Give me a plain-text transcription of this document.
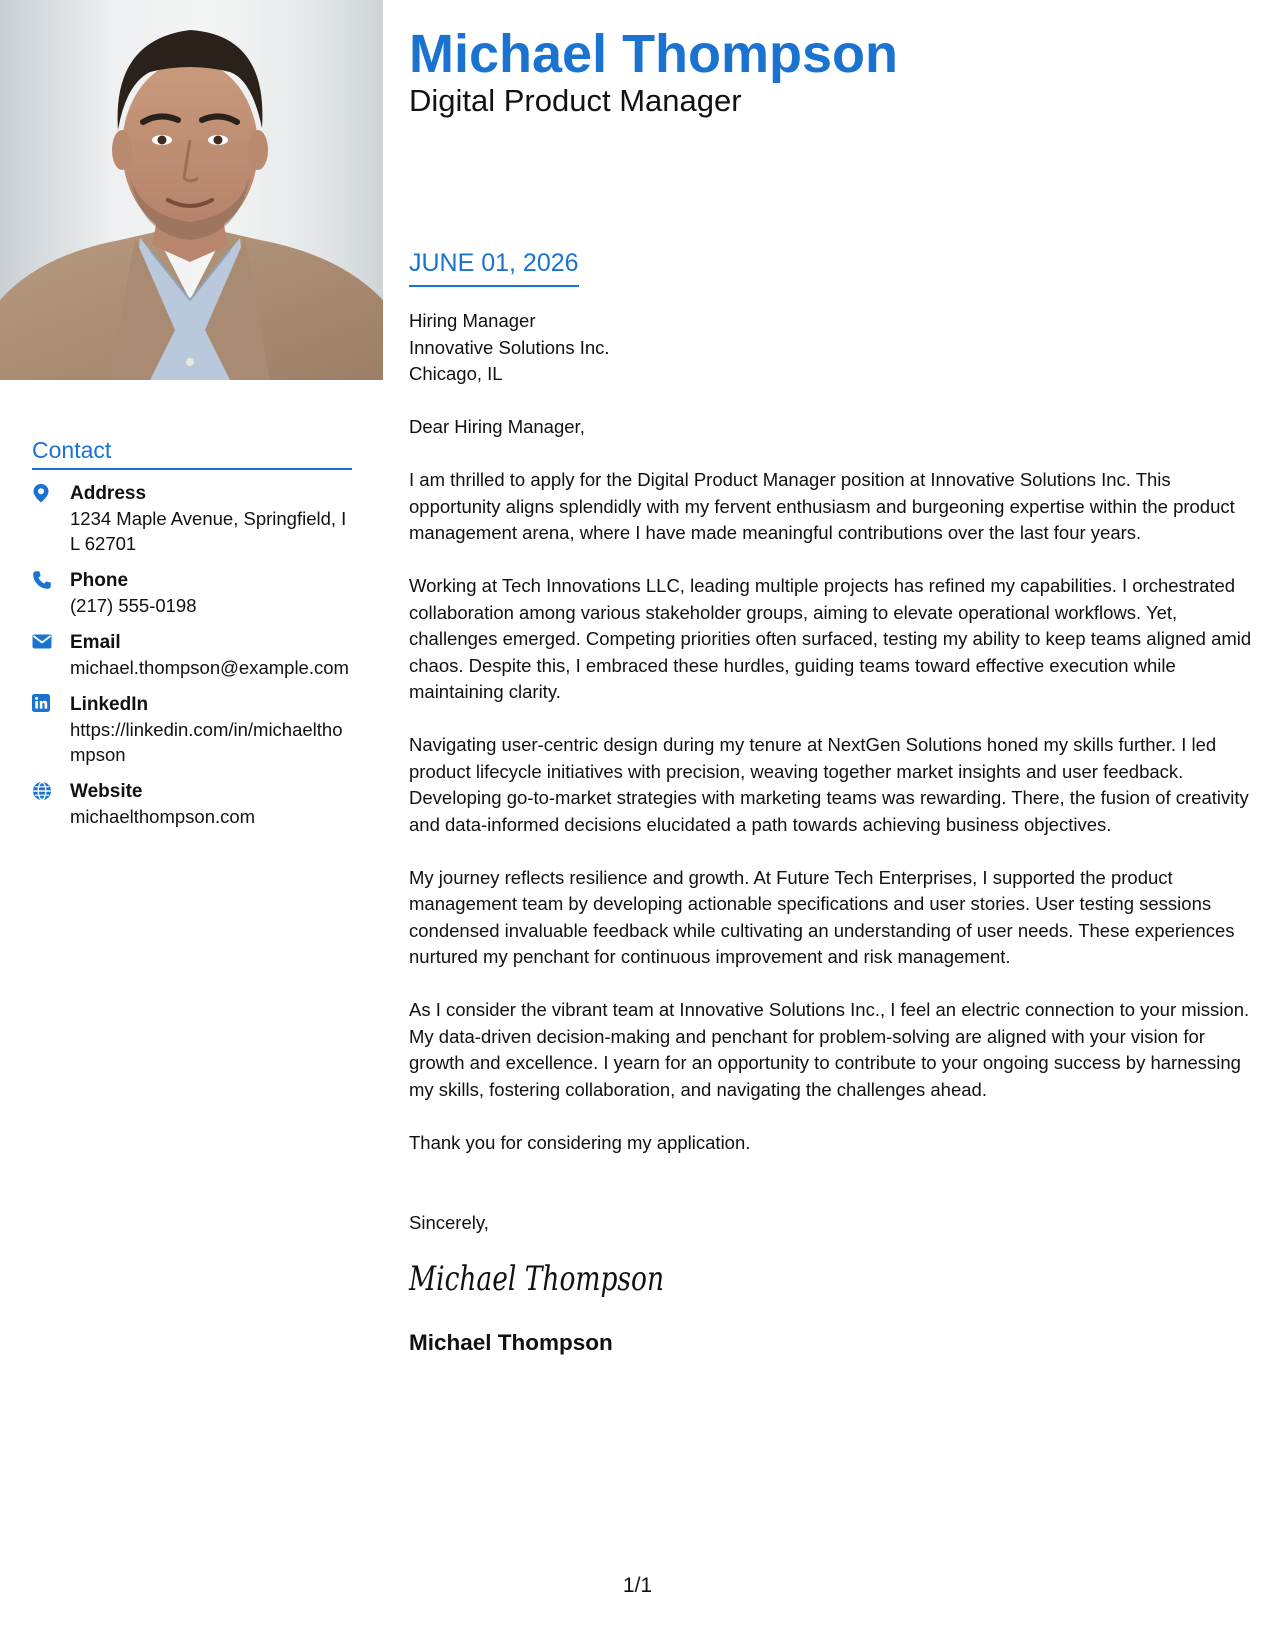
Contact
Address
1234 Maple Avenue, Springfield, IL 62701
Phone
(217) 555-0198
Email
michael.thompson@example.com
LinkedIn
https://linkedin.com/in/michaelthompson
Website
michaelthompson.com
Michael Thompson
Digital Product Manager
JUNE 01, 2026

Hiring Manager

Innovative Solutions Inc.

Chicago, IL

Dear Hiring Manager,

I am thrilled to apply for the Digital Product Manager position at Innovative Solutions Inc. This opportunity aligns splendidly with my fervent enthusiasm and burgeoning expertise within the product management arena, where I have made meaningful contributions over the last four years.

Working at Tech Innovations LLC, leading multiple projects has refined my capabilities. I orchestrated collaboration among various stakeholder groups, aiming to elevate operational workflows. Yet, challenges emerged. Competing priorities often surfaced, testing my ability to keep teams aligned amid chaos. Despite this, I embraced these hurdles, guiding teams toward effective execution while maintaining clarity.

Navigating user-centric design during my tenure at NextGen Solutions honed my skills further. I led product lifecycle initiatives with precision, weaving together market insights and user feedback. Developing go-to-market strategies with marketing teams was rewarding. There, the fusion of creativity and data-informed decisions elucidated a path towards achieving business objectives.

My journey reflects resilience and growth. At Future Tech Enterprises, I supported the product management team by developing actionable specifications and user stories. User testing sessions condensed invaluable feedback while cultivating an understanding of user needs. These experiences nurtured my penchant for continuous improvement and risk management.

As I consider the vibrant team at Innovative Solutions Inc., I feel an electric connection to your mission. My data-driven decision-making and penchant for problem-solving are aligned with your vision for growth and excellence. I yearn for an opportunity to contribute to your ongoing success by harnessing my skills, fostering collaboration, and navigating the challenges ahead.

Thank you for considering my application.

Sincerely,

Michael Thompson
Michael Thompson
1/1
